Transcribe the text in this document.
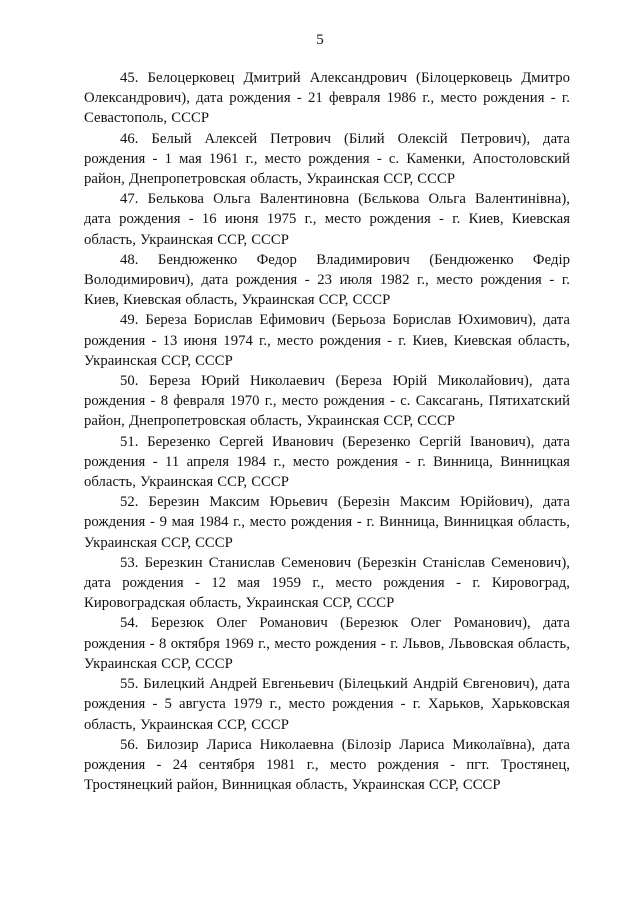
5

45. Белоцерковец Дмитрий Александрович (Білоцерковець Дмитро Олександрович), дата рождения - 21 февраля 1986 г., место рождения - г. Севастополь, СССР

46. Белый Алексей Петрович (Білий Олексій Петрович), дата рождения - 1 мая 1961 г., место рождения - с. Каменки, Апостоловский район, Днепропетровская область, Украинская ССР, СССР

47. Белькова Ольга Валентиновна (Бєлькова Ольга Валентинівна), дата рождения - 16 июня 1975 г., место рождения - г. Киев, Киевская область, Украинская ССР, СССР

48. Бендюженко Федор Владимирович (Бендюженко Федір Володимирович), дата рождения - 23 июля 1982 г., место рождения - г. Киев, Киевская область, Украинская ССР, СССР

49. Береза Борислав Ефимович (Берьоза Борислав Юхимович), дата рождения - 13 июня 1974 г., место рождения - г. Киев, Киевская область, Украинская ССР, СССР

50. Береза Юрий Николаевич (Береза Юрій Миколайович), дата рождения - 8 февраля 1970 г., место рождения - с. Саксагань, Пятихатский район, Днепропетровская область, Украинская ССР, СССР

51. Березенко Сергей Иванович (Березенко Сергій Іванович), дата рождения - 11 апреля 1984 г., место рождения - г. Винница, Винницкая область, Украинская ССР, СССР

52. Березин Максим Юрьевич (Березін Максим Юрійович), дата рождения - 9 мая 1984 г., место рождения - г. Винница, Винницкая область, Украинская ССР, СССР

53. Березкин Станислав Семенович (Березкін Станіслав Семенович), дата рождения - 12 мая 1959 г., место рождения - г. Кировоград, Кировоградская область, Украинская ССР, СССР

54. Березюк Олег Романович (Березюк Олег Романович), дата рождения - 8 октября 1969 г., место рождения - г. Львов, Львовская область, Украинская ССР, СССР

55. Билецкий Андрей Евгеньевич (Білецький Андрій Євгенович), дата рождения - 5 августа 1979 г., место рождения - г. Харьков, Харьковская область, Украинская ССР, СССР

56. Билозир Лариса Николаевна (Білозір Лариса Миколаївна), дата рождения - 24 сентября 1981 г., место рождения - пгт. Тростянец, Тростянецкий район, Винницкая область, Украинская ССР, СССР
